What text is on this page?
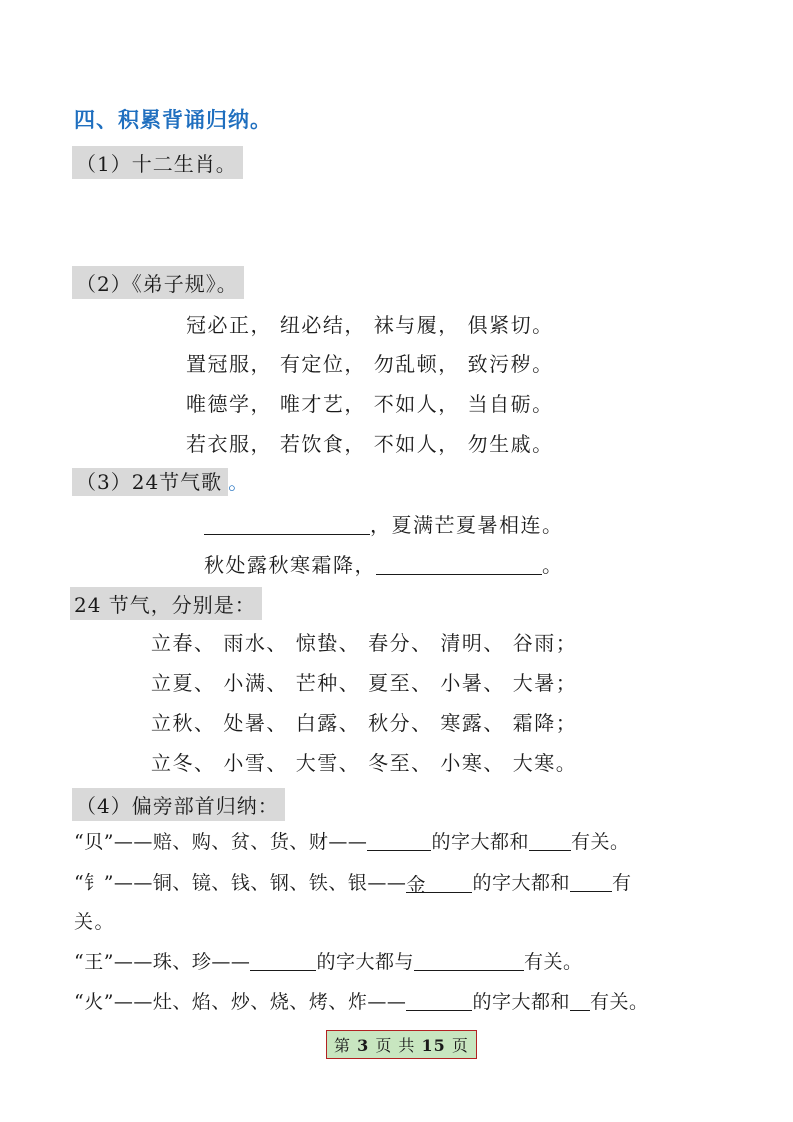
四、积累背诵归纳。
（1）十二生肖。
（2）《弟子规》。
冠必正， 纽必结， 袜与履， 俱紧切。
置冠服， 有定位， 勿乱顿， 致污秽。
唯德学， 唯才艺， 不如人， 当自砺。
若衣服， 若饮食， 不如人， 勿生戚。
（3）24节气歌 。
，夏满芒夏暑相连。
秋处露秋寒霜降，	。
24 节气，分别是：
立春、 雨水、 惊蛰、 春分、 清明、 谷雨；
立夏、 小满、 芒种、 夏至、 小暑、 大暑；
立秋、 处暑、 白露、 秋分、 寒露、 霜降；
立冬、 小雪、 大雪、 冬至、 小寒、 大寒。
（4）偏旁部首归纳：
“贝”——赔、购、贫、货、财——	的字大都和 有关。
“钅”——铜、镜、钱、钢、铁、银——金 的字大都和 有
关。
“王”——珠、珍——	的字大都与	有关。
“火”——灶、焰、炒、烧、烤、炸——	的字大都和 有关。
第 3 页 共 15 页
